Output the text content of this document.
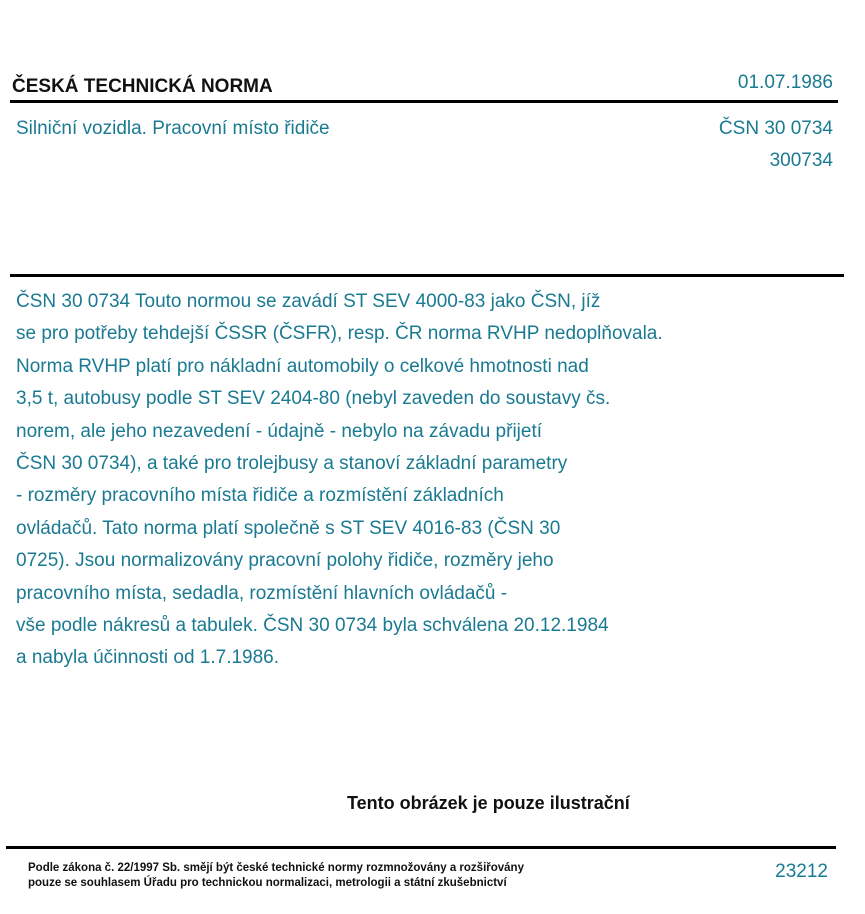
ČESKÁ TECHNICKÁ NORMA	01.07.1986
Silniční vozidla. Pracovní místo řidiče	ČSN 30 0734
300734
ČSN 30 0734 Touto normou se zavádí ST SEV 4000-83 jako ČSN, jíž
se pro potřeby tehdejší ČSSR (ČSFR), resp. ČR norma RVHP nedoplňovala.
Norma RVHP platí pro nákladní automobily o celkové hmotnosti nad
3,5 t, autobusy podle ST SEV 2404-80 (nebyl zaveden do soustavy čs.
norem, ale jeho nezavedení - údajně - nebylo na závadu přijetí
ČSN 30 0734), a také pro trolejbusy a stanoví základní parametry
- rozměry pracovního místa řidiče a rozmístění základních
ovládačů. Tato norma platí společně s ST SEV 4016-83 (ČSN 30
0725). Jsou normalizovány pracovní polohy řidiče, rozměry jeho
pracovního místa, sedadla, rozmístění hlavních ovládačů -
vše podle nákresů a tabulek. ČSN 30 0734 byla schválena 20.12.1984
a nabyla účinnosti od 1.7.1986.
Tento obrázek je pouze ilustrační
Podle zákona č. 22/1997 Sb. smějí být české technické normy rozmnožovány a rozšiřovány
pouze se souhlasem Úřadu pro technickou normalizaci, metrologii a státní zkušebnictví
23212
